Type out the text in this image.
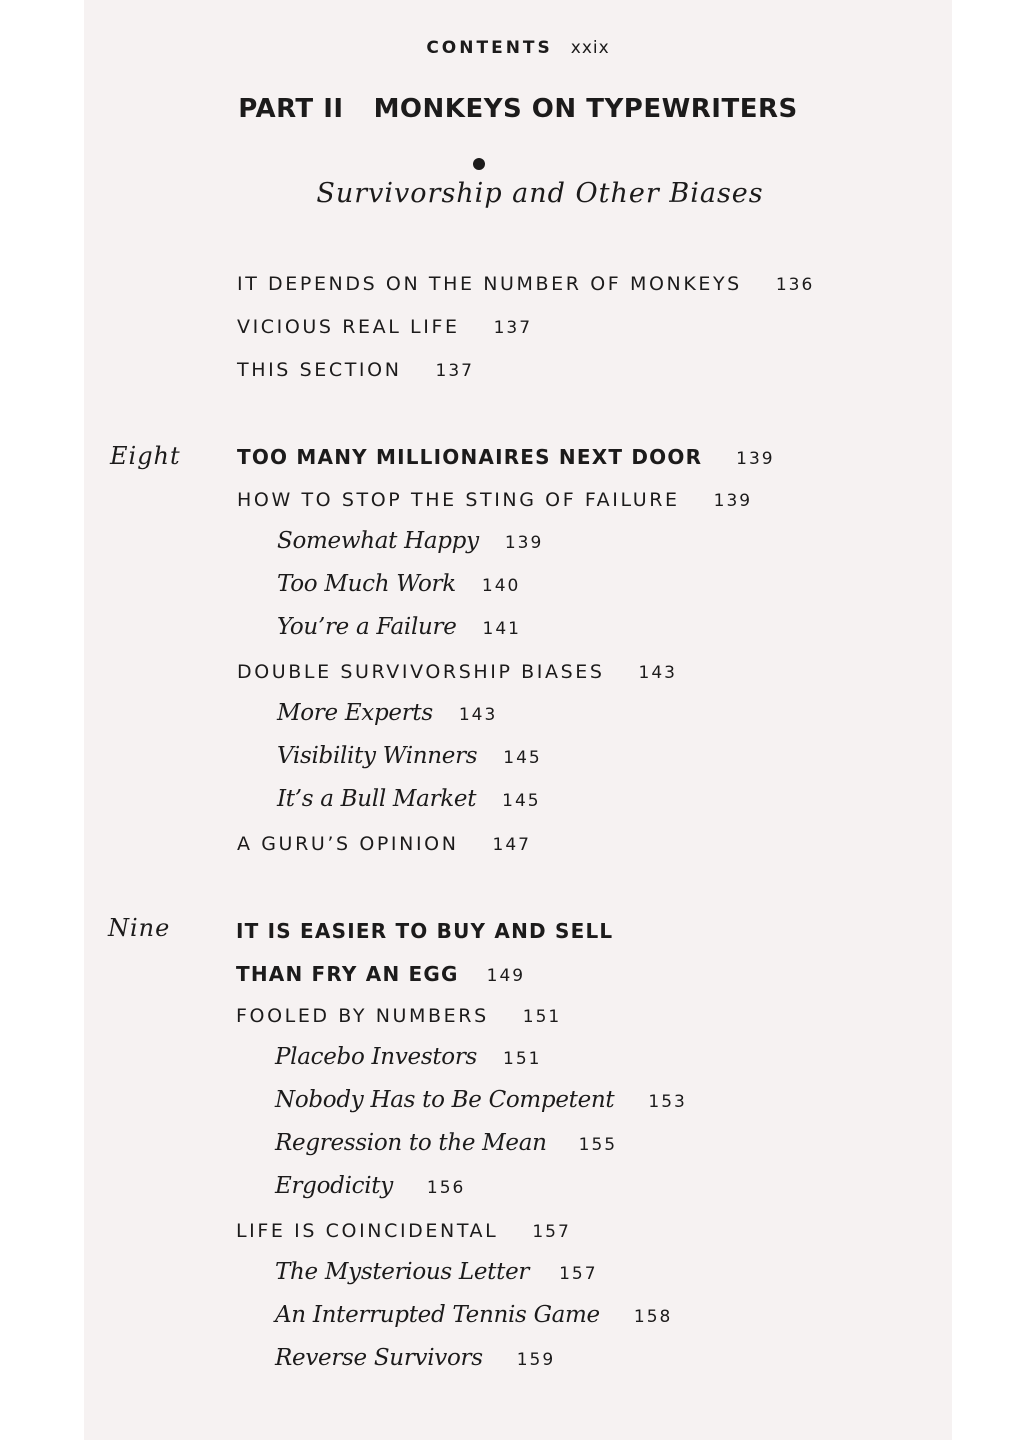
CONTENTS xxix
PART II MONKEYS ON TYPEWRITERS
Survivorship and Other Biases
IT DEPENDS ON THE NUMBER OF MONKEYS 136
VICIOUS REAL LIFE 137
THIS SECTION 137
Eight	TOO MANY MILLIONAIRES NEXT DOOR 139
HOW TO STOP THE STING OF FAILURE 139
Somewhat Happy 139
Too Much Work 140
You’re a Failure 141
DOUBLE SURVIVORSHIP BIASES 143
More Experts 143
Visibility Winners 145
It’s a Bull Market 145
A GURU’S OPINION 147
Nine	IT IS EASIER TO BUY AND SELL
THAN FRY AN EGG 149
FOOLED BY NUMBERS 151
Placebo Investors 151
Nobody Has to Be Competent 153
Regression to the Mean 155
Ergodicity 156
LIFE IS COINCIDENTAL 157
The Mysterious Letter 157
An Interrupted Tennis Game 158
Reverse Survivors 159
